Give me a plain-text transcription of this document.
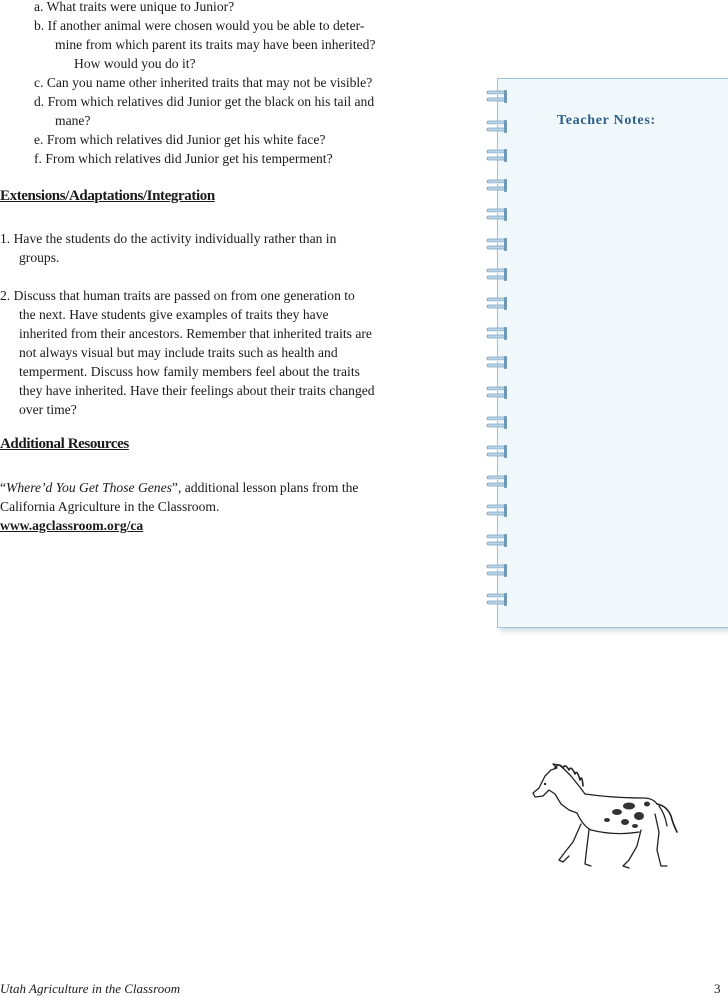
a. What traits were unique to Junior?
b. If another animal were chosen would you be able to deter-
mine from which parent its traits may have been inherited?
How would you do it?
c. Can you name other inherited traits that may not be visible?
d. From which relatives did Junior get the black on his tail and
mane?
e. From which relatives did Junior get his white face?
f. From which relatives did Junior get his temperment?
Extensions/Adaptations/Integration
1. Have the students do the activity individually rather than in
groups.
2. Discuss that human traits are passed on from one generation to
the next. Have students give examples of traits they have
inherited from their ancestors. Remember that inherited traits are
not always visual but may include traits such as health and
temperment. Discuss how family members feel about the traits
they have inherited. Have their feelings about their traits changed
over time?
Additional Resources
“Where’d You Get Those Genes”, additional lesson plans from the
California Agriculture in the Classroom.
www.agclassroom.org/ca
Teacher Notes:
Utah Agriculture in the Classroom	3
